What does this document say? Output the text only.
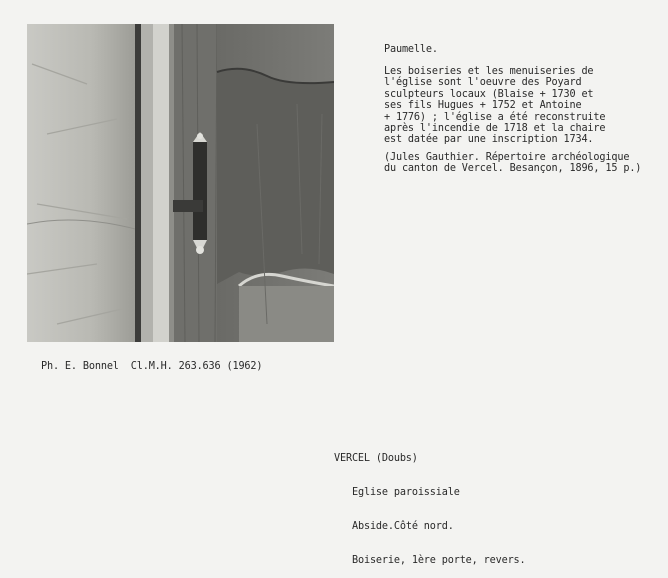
Paumelle.
Les boiseries et les menuiseries de
l'église sont l'oeuvre des Poyard
sculpteurs locaux (Blaise + 1730 et
ses fils Hugues + 1752 et Antoine
+ 1776) ; l'église a été reconstruite
après l'incendie de 1718 et la chaire
est datée par une inscription 1734.
(Jules Gauthier. Répertoire archéologique
du canton de Vercel. Besançon, 1896, 15 p.)
Ph. E. Bonnel  Cl.M.H. 263.636 (1962)

VERCEL (Doubs)

Eglise paroissiale

Abside.Côté nord.

Boiserie, 1ère porte, revers.
